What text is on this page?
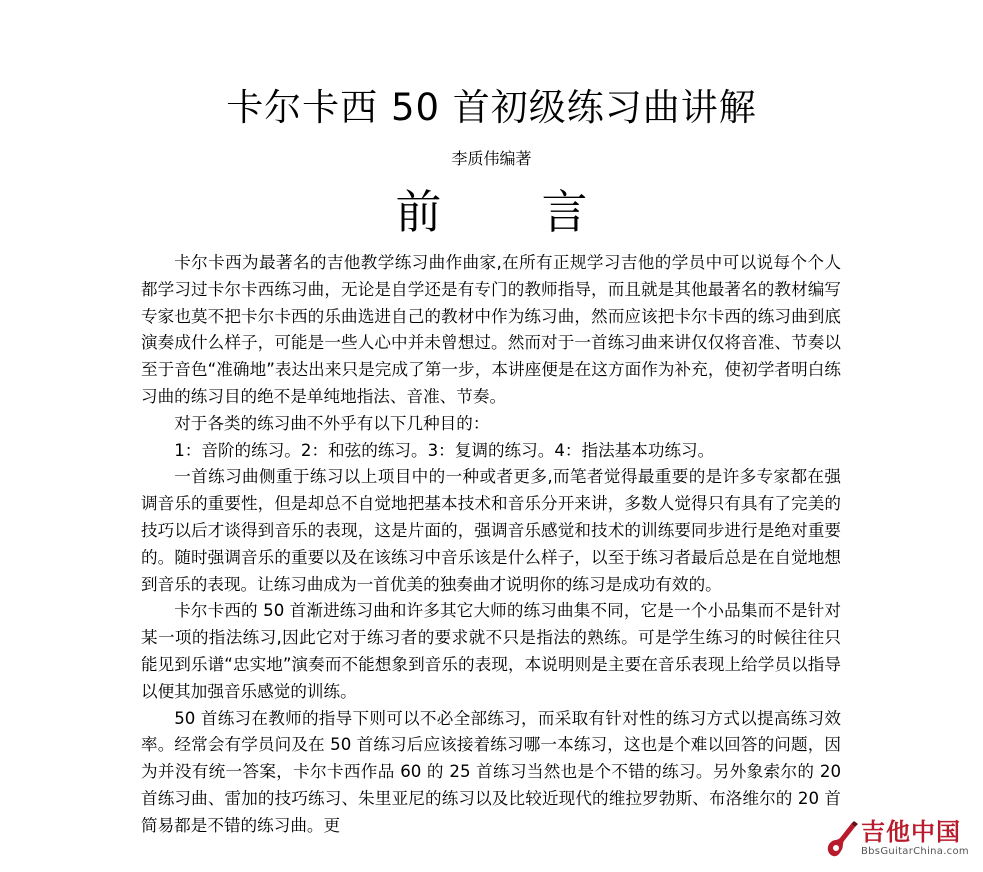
卡尔卡西 50 首初级练习曲讲解
李质伟编著
前 言

卡尔卡西为最著名的吉他教学练习曲作曲家,在所有正规学习吉他的学员中可以说每个个人都学习过卡尔卡西练习曲，无论是自学还是有专门的教师指导，而且就是其他最著名的教材编写专家也莫不把卡尔卡西的乐曲选进自己的教材中作为练习曲，然而应该把卡尔卡西的练习曲到底演奏成什么样子，可能是一些人心中并未曾想过。然而对于一首练习曲来讲仅仅将音准、节奏以至于音色“准确地”表达出来只是完成了第一步，本讲座便是在这方面作为补充，使初学者明白练习曲的练习目的绝不是单纯地指法、音准、节奏。

对于各类的练习曲不外乎有以下几种目的：

1：音阶的练习。2：和弦的练习。3：复调的练习。4：指法基本功练习。

一首练习曲侧重于练习以上项目中的一种或者更多,而笔者觉得最重要的是许多专家都在强调音乐的重要性，但是却总不自觉地把基本技术和音乐分开来讲，多数人觉得只有具有了完美的技巧以后才谈得到音乐的表现，这是片面的，强调音乐感觉和技术的训练要同步进行是绝对重要的。随时强调音乐的重要以及在该练习中音乐该是什么样子，以至于练习者最后总是在自觉地想到音乐的表现。让练习曲成为一首优美的独奏曲才说明你的练习是成功有效的。

卡尔卡西的 50 首渐进练习曲和许多其它大师的练习曲集不同，它是一个小品集而不是针对某一项的指法练习,因此它对于练习者的要求就不只是指法的熟练。可是学生练习的时候往往只能见到乐谱“忠实地”演奏而不能想象到音乐的表现，本说明则是主要在音乐表现上给学员以指导以便其加强音乐感觉的训练。

50 首练习在教师的指导下则可以不必全部练习，而采取有针对性的练习方式以提高练习效率。经常会有学员问及在 50 首练习后应该接着练习哪一本练习，这也是个难以回答的问题，因为并没有统一答案，卡尔卡西作品 60 的 25 首练习当然也是个不错的练习。另外象索尔的 20 首练习曲、雷加的技巧练习、朱里亚尼的练习以及比较近现代的维拉罗勃斯、布洛维尔的 20 首简易都是不错的练习曲。更	吉他中国
BbsGuitarChina.com
